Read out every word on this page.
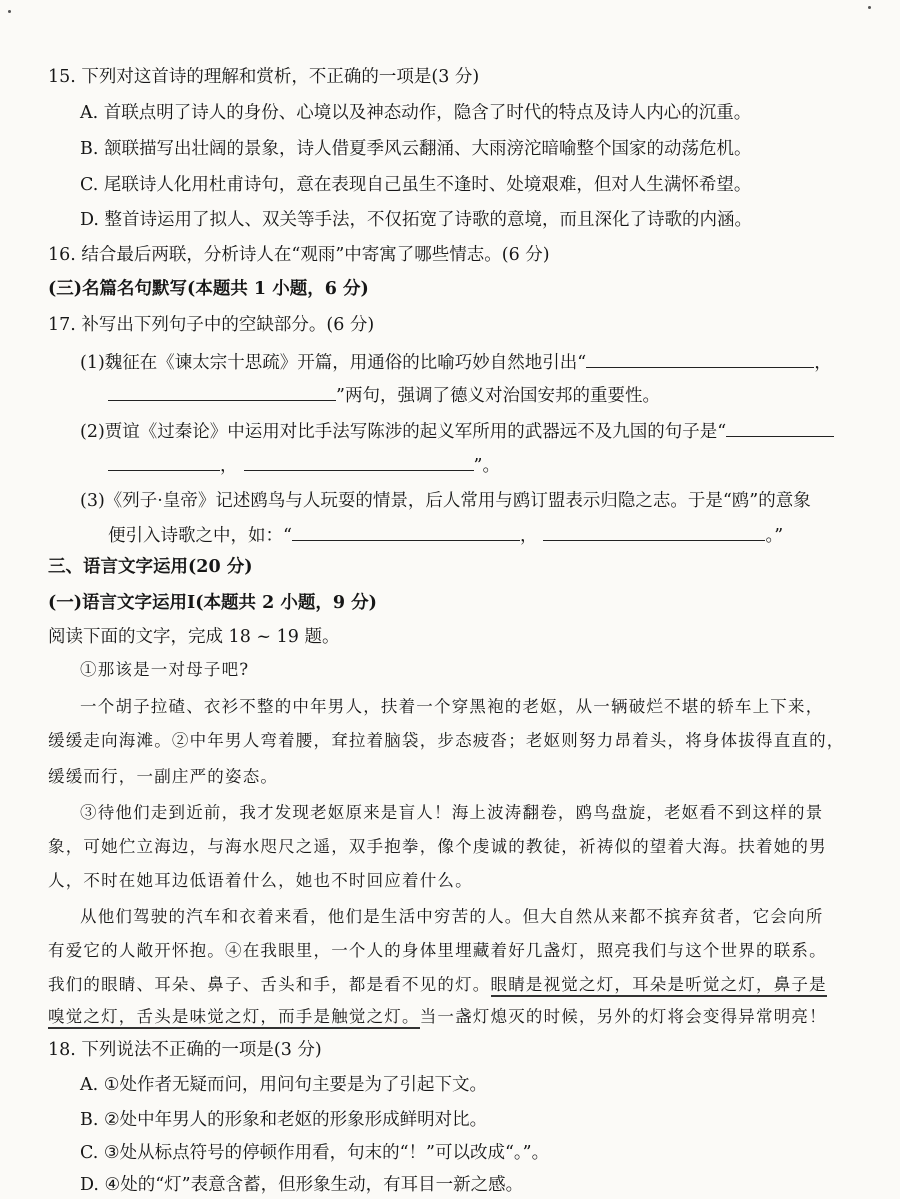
15. 下列对这首诗的理解和赏析，不正确的一项是(3 分)
A. 首联点明了诗人的身份、心境以及神态动作，隐含了时代的特点及诗人内心的沉重。
B. 颔联描写出壮阔的景象，诗人借夏季风云翻涌、大雨滂沱暗喻整个国家的动荡危机。
C. 尾联诗人化用杜甫诗句，意在表现自己虽生不逢时、处境艰难，但对人生满怀希望。
D. 整首诗运用了拟人、双关等手法，不仅拓宽了诗歌的意境，而且深化了诗歌的内涵。
16. 结合最后两联，分析诗人在“观雨”中寄寓了哪些情志。(6 分)
(三)名篇名句默写(本题共 1 小题，6 分)
17. 补写出下列句子中的空缺部分。(6 分)
(1)魏征在《谏太宗十思疏》开篇，用通俗的比喻巧妙自然地引出“	，
”两句，强调了德义对治国安邦的重要性。
(2)贾谊《过秦论》中运用对比手法写陈涉的起义军所用的武器远不及九国的句子是“
，	”。
(3)《列子·皇帝》记述鸥鸟与人玩耍的情景，后人常用与鸥订盟表示归隐之志。于是“鸥”的意象
便引入诗歌之中，如：“	，	。”
三、语言文字运用(20 分)
(一)语言文字运用Ⅰ(本题共 2 小题，9 分)
阅读下面的文字，完成 18 ~ 19 题。
①那该是一对母子吧?
一个胡子拉碴、衣衫不整的中年男人，扶着一个穿黑袍的老妪，从一辆破烂不堪的轿车上下来，
缓缓走向海滩。②中年男人弯着腰，耷拉着脑袋，步态疲沓；老妪则努力昂着头，将身体拔得直直的，
缓缓而行，一副庄严的姿态。
③待他们走到近前，我才发现老妪原来是盲人！海上波涛翻卷，鸥鸟盘旋，老妪看不到这样的景
象，可她伫立海边，与海水咫尺之遥，双手抱拳，像个虔诚的教徒，祈祷似的望着大海。扶着她的男
人，不时在她耳边低语着什么，她也不时回应着什么。
从他们驾驶的汽车和衣着来看，他们是生活中穷苦的人。但大自然从来都不摈弃贫者，它会向所
有爱它的人敞开怀抱。④在我眼里，一个人的身体里埋藏着好几盏灯，照亮我们与这个世界的联系。
我们的眼睛、耳朵、鼻子、舌头和手，都是看不见的灯。眼睛是视觉之灯，耳朵是听觉之灯，鼻子是
嗅觉之灯，舌头是味觉之灯，而手是触觉之灯。当一盏灯熄灭的时候，另外的灯将会变得异常明亮！
18. 下列说法不正确的一项是(3 分)
A. ①处作者无疑而问，用问句主要是为了引起下文。
B. ②处中年男人的形象和老妪的形象形成鲜明对比。
C. ③处从标点符号的停顿作用看，句末的“！”可以改成“。”。
D. ④处的“灯”表意含蓄，但形象生动，有耳目一新之感。
